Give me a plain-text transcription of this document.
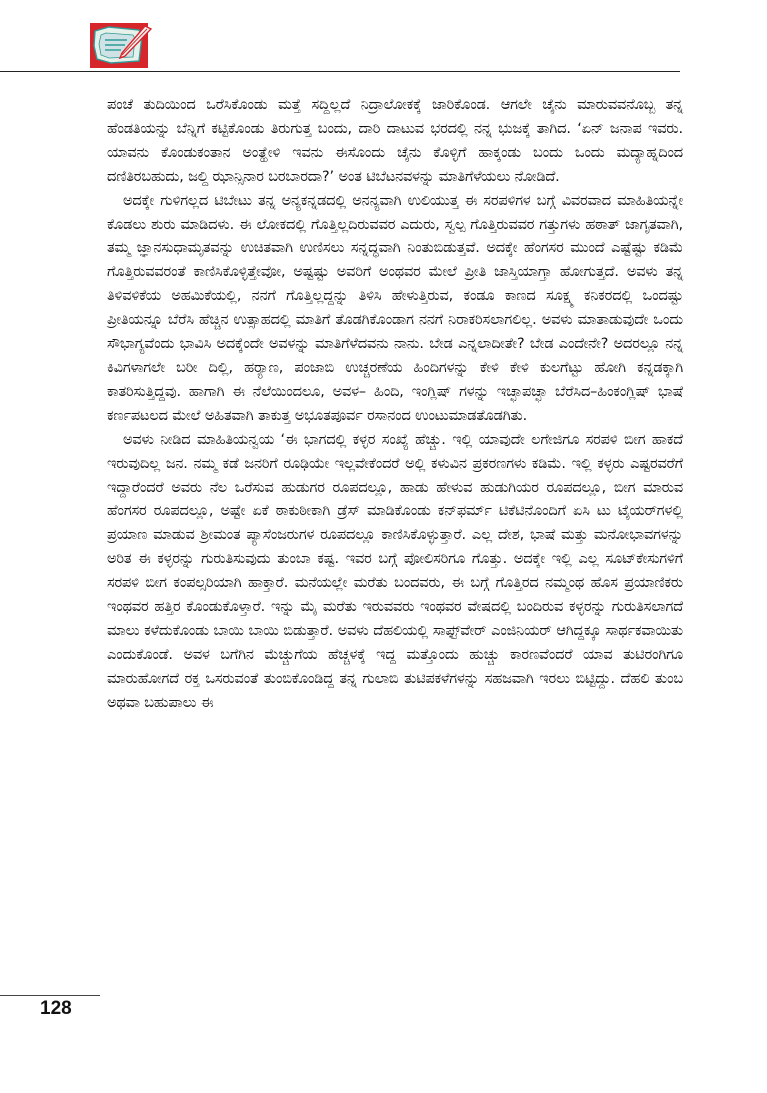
ಪಂಚೆ ತುದಿಯಿಂದ ಒರೆಸಿಕೊಂಡು ಮತ್ತೆ ಸದ್ದಿಲ್ಲದೆ ನಿದ್ರಾಲೋಕಕ್ಕೆ ಜಾರಿಕೊಂಡ. ಆಗಲೇ ಚೈನು ಮಾರುವವನೊಬ್ಬ ತನ್ನ ಹೆಂಡತಿಯನ್ನು ಬೆನ್ನಿಗೆ ಕಟ್ಟಿಕೊಂಡು ತಿರುಗುತ್ತ ಬಂದು, ದಾರಿ ದಾಟುವ ಭರದಲ್ಲಿ ನನ್ನ ಭುಜಕ್ಕೆ ತಾಗಿದ. ‘ಏನ್ ಜನಾಪ ಇವರು. ಯಾವನು ಕೊಂಡುಕಂತಾನ ಅಂತ್ಹೇಳಿ ಇವನು ಈಸೊಂದು ಚೈನು ಕೊಳ್ಳಿಗೆ ಹಾಕ್ಕಂಡು ಬಂದು ಒಂದು ಮದ್ಯಾಹ್ನದಿಂದ ದಣಿತಿರಬಹುದು, ಜಲ್ದಿ ಝಾನ್ಸಿನಾರ ಬರಬಾರದಾ?’ ಅಂತ ಟಿಬೆಟನವಳನ್ನು ಮಾತಿಗೆಳೆಯಲು ನೋಡಿದೆ.

ಅದಕ್ಕೇ ಗುಳಿಗಲ್ಲದ ಟಿಬೇಟು ತನ್ನ ಅನ್ಯಕನ್ನಡದಲ್ಲಿ ಅನನ್ಯವಾಗಿ ಉಲಿಯುತ್ತ ಈ ಸರಪಳಿಗಳ ಬಗ್ಗೆ ವಿವರವಾದ ಮಾಹಿತಿಯನ್ನೇ ಕೊಡಲು ಶುರು ಮಾಡಿದಳು. ಈ ಲೋಕದಲ್ಲಿ ಗೊತ್ತಿಲ್ಲದಿರುವವರ ಎದುರು, ಸ್ವಲ್ಪ ಗೊತ್ತಿರುವವರ ಗತ್ತುಗಳು ಹಠಾತ್ ಜಾಗೃತವಾಗಿ, ತಮ್ಮ ಜ್ಞಾನಸುಧಾಮೃತವನ್ನು ಉಚಿತವಾಗಿ ಉಣಿಸಲು ಸನ್ನದ್ಧವಾಗಿ ನಿಂತುಬಿಡುತ್ತವೆ. ಅದಕ್ಕೇ ಹೆಂಗಸರ ಮುಂದೆ ಎಷ್ಟೆಷ್ಟು ಕಡಿಮೆ ಗೊತ್ತಿರುವವರಂತೆ ಕಾಣಿಸಿಕೊಳ್ಳಿತ್ತೇವೋ, ಅಷ್ಟಷ್ಟು ಅವರಿಗೆ ಅಂಥವರ ಮೇಲೆ ಪ್ರೀತಿ ಜಾಸ್ತಿಯಾಗ್ತಾ ಹೋಗುತ್ತದೆ. ಅವಳು ತನ್ನ ತಿಳಿವಳಿಕೆಯ ಅಹಮಿಕೆಯಲ್ಲಿ, ನನಗೆ ಗೊತ್ತಿಲ್ಲದ್ದನ್ನು ತಿಳಿಸಿ ಹೇಳುತ್ತಿರುವ, ಕಂಡೂ ಕಾಣದ ಸೂಕ್ಷ್ಮ ಕನಿಕರದಲ್ಲಿ ಒಂದಷ್ಟು ಪ್ರೀತಿಯನ್ನೂ ಬೆರೆಸಿ ಹೆಚ್ಚಿನ ಉತ್ಸಾಹದಲ್ಲಿ ಮಾತಿಗೆ ತೊಡಗಿಕೊಂಡಾಗ ನನಗೆ ನಿರಾಕರಿಸಲಾಗಲಿಲ್ಲ. ಅವಳು ಮಾತಾಡುವುದೇ ಒಂದು ಸೌಭಾಗ್ಯವೆಂದು ಭಾವಿಸಿ ಅದಕ್ಕೆಂದೇ ಅವಳನ್ನು ಮಾತಿಗೆಳೆದವನು ನಾನು. ಬೇಡ ಎನ್ನಲಾದೀತೇ? ಬೇಡ ಎಂದೇನೇ? ಅದರಲ್ಲೂ ನನ್ನ ಕಿವಿಗಳಾಗಲೇ ಬರೀ ದಿಲ್ಲಿ, ಹರ್‍ಯಾಣ, ಪಂಜಾಬಿ ಉಚ್ಚರಣೆಯ ಹಿಂದಿಗಳನ್ನು ಕೇಳಿ ಕೇಳಿ ಕುಲಗೆಟ್ಟು ಹೋಗಿ ಕನ್ನಡಕ್ಕಾಗಿ ಕಾತರಿಸುತ್ತಿದ್ದವು. ಹಾಗಾಗಿ ಈ ನೆಲೆಯಿಂದಲೂ, ಅವಳ– ಹಿಂದಿ, ಇಂಗ್ಲಿಷ್ ಗಳನ್ನು ಇಚ್ಛಾಪಚ್ಛಾ ಬೆರೆಸಿದ–ಹಿಂಕಂಗ್ಲಿಷ್ ಭಾಷೆ ಕರ್ಣಪಟಲದ ಮೇಲೆ ಅಹಿತವಾಗಿ ತಾಕುತ್ತ ಅಭೂತಪೂರ್ವ ರಸಾನಂದ ಉಂಟುಮಾಡತೊಡಗಿತು.

ಅವಳು ನೀಡಿದ ಮಾಹಿತಿಯನ್ವಯ ‘ಈ ಭಾಗದಲ್ಲಿ ಕಳ್ಳರ ಸಂಖ್ಯೆ ಹೆಚ್ಚು. ಇಲ್ಲಿ ಯಾವುದೇ ಲಗೇಜಿಗೂ ಸರಪಳಿ ಬೀಗ ಹಾಕದೆ ಇರುವುದಿಲ್ಲ ಜನ. ನಮ್ಮ ಕಡೆ ಜನರಿಗೆ ರೂಢಿಯೇ ಇಲ್ಲವೇಕೆಂದರೆ ಅಲ್ಲಿ ಕಳುವಿನ ಪ್ರಕರಣಗಳು ಕಡಿಮೆ. ಇಲ್ಲಿ ಕಳ್ಳರು ಎಷ್ಟರವರೆಗೆ ಇದ್ದಾರೆಂದರೆ ಅವರು ನೆಲ ಒರೆಸುವ ಹುಡುಗರ ರೂಪದಲ್ಲೂ, ಹಾಡು ಹೇಳುವ ಹುಡುಗಿಯರ ರೂಪದಲ್ಲೂ, ಬೀಗ ಮಾರುವ ಹೆಂಗಸರ ರೂಪದಲ್ಲೂ, ಅಷ್ಟೇ ಏಕೆ ಠಾಕುಠೀಕಾಗಿ ಡ್ರೆಸ್ ಮಾಡಿಕೊಂಡು ಕನ್‌ಫರ್ಮ್ ಟಿಕೆಟಿನೊಂದಿಗೆ ಏಸಿ ಟು ಟೈಯರ್‌ಗಳಲ್ಲಿ ಪ್ರಯಾಣ ಮಾಡುವ ಶ್ರೀಮಂತ ಪ್ಯಾಸೆಂಜರುಗಳ ರೂಪದಲ್ಲೂ ಕಾಣಿಸಿಕೊಳ್ಳುತ್ತಾರೆ. ಎಲ್ಲ ದೇಶ, ಭಾಷೆ ಮತ್ತು ಮನೋಭಾವಗಳನ್ನು ಅರಿತ ಈ ಕಳ್ಳರನ್ನು ಗುರುತಿಸುವುದು ತುಂಬಾ ಕಷ್ಟ. ಇವರ ಬಗ್ಗೆ ಪೋಲಿಸರಿಗೂ ಗೊತ್ತು. ಅದಕ್ಕೇ ಇಲ್ಲಿ ಎಲ್ಲ ಸೂಟ್‌ಕೇಸುಗಳಿಗೆ ಸರಪಳಿ ಬೀಗ ಕಂಪಲ್ಸರಿಯಾಗಿ ಹಾಕ್ತಾರೆ. ಮನೆಯಲ್ಲೇ ಮರೆತು ಬಂದವರು, ಈ ಬಗ್ಗೆ ಗೊತ್ತಿರದ ನಮ್ಮಂಥ ಹೊಸ ಪ್ರಯಾಣಿಕರು ಇಂಥವರ ಹತ್ತಿರ ಕೊಂಡುಕೊಳ್ತಾರೆ. ಇನ್ನು ಮೈ ಮರೆತು ಇರುವವರು ಇಂಥವರ ವೇಷದಲ್ಲಿ ಬಂದಿರುವ ಕಳ್ಳರನ್ನು ಗುರುತಿಸಲಾಗದೆ ಮಾಲು ಕಳೆದುಕೊಂಡು ಬಾಯಿ ಬಾಯಿ ಬಿಡುತ್ತಾರೆ. ಅವಳು ದೆಹಲಿಯಲ್ಲಿ ಸಾಫ್ಟ್‌ವೇರ್ ಎಂಜಿನಿಯರ್ ಆಗಿದ್ದಕ್ಕೂ ಸಾರ್ಥಕವಾಯಿತು ಎಂದುಕೊಂಡೆ. ಅವಳ ಬಗೆಗಿನ ಮೆಚ್ಚುಗೆಯ ಹೆಚ್ಚಳಕ್ಕೆ ಇದ್ದ ಮತ್ತೊಂದು ಹುಚ್ಚು ಕಾರಣವೆಂದರೆ ಯಾವ ತುಟಿರಂಗಿಗೂ ಮಾರುಹೋಗದೆ ರಕ್ತ ಒಸರುವಂತೆ ತುಂಬಿಕೊಂಡಿದ್ದ ತನ್ನ ಗುಲಾಬಿ ತುಟಿಪಕಳೆಗಳನ್ನು ಸಹಜವಾಗಿ ಇರಲು ಬಿಟ್ಟಿದ್ದು. ದೆಹಲಿ ತುಂಬ ಅಥವಾ ಬಹುಪಾಲು ಈ

128
